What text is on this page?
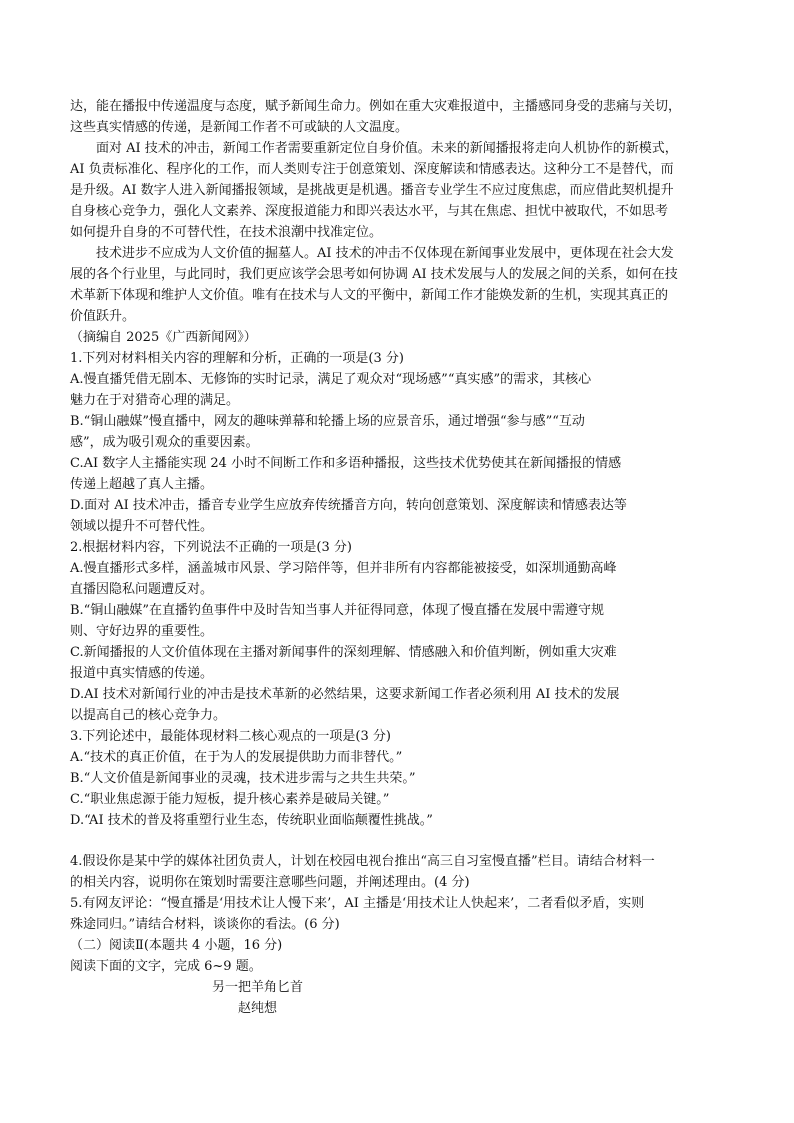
达，能在播报中传递温度与态度，赋予新闻生命力。例如在重大灾难报道中，主播感同身受的悲痛与关切，
这些真实情感的传递，是新闻工作者不可或缺的人文温度。
面对 AI 技术的冲击，新闻工作者需要重新定位自身价值。未来的新闻播报将走向人机协作的新模式，
AI 负责标准化、程序化的工作，而人类则专注于创意策划、深度解读和情感表达。这种分工不是替代，而
是升级。AI 数字人进入新闻播报领域，是挑战更是机遇。播音专业学生不应过度焦虑，而应借此契机提升
自身核心竞争力，强化人文素养、深度报道能力和即兴表达水平，与其在焦虑、担忧中被取代，不如思考
如何提升自身的不可替代性，在技术浪潮中找准定位。
技术进步不应成为人文价值的掘墓人。AI 技术的冲击不仅体现在新闻事业发展中，更体现在社会大发
展的各个行业里，与此同时，我们更应该学会思考如何协调 AI 技术发展与人的发展之间的关系，如何在技
术革新下体现和维护人文价值。唯有在技术与人文的平衡中，新闻工作才能焕发新的生机，实现其真正的
价值跃升。
（摘编自 2025《广西新闻网》）
1.下列对材料相关内容的理解和分析，正确的一项是(3 分)
A.慢直播凭借无剧本、无修饰的实时记录，满足了观众对“现场感”“真实感”的需求，其核心
魅力在于对猎奇心理的满足。
B.“铜山融媒”慢直播中，网友的趣味弹幕和轮播上场的应景音乐，通过增强“参与感”“互动
感”，成为吸引观众的重要因素。
C.AI 数字人主播能实现 24 小时不间断工作和多语种播报，这些技术优势使其在新闻播报的情感
传递上超越了真人主播。
D.面对 AI 技术冲击，播音专业学生应放弃传统播音方向，转向创意策划、深度解读和情感表达等
领域以提升不可替代性。
2.根据材料内容，下列说法不正确的一项是(3 分)
A.慢直播形式多样，涵盖城市风景、学习陪伴等，但并非所有内容都能被接受，如深圳通勤高峰
直播因隐私问题遭反对。
B.“铜山融媒”在直播钓鱼事件中及时告知当事人并征得同意，体现了慢直播在发展中需遵守规
则、守好边界的重要性。
C.新闻播报的人文价值体现在主播对新闻事件的深刻理解、情感融入和价值判断，例如重大灾难
报道中真实情感的传递。
D.AI 技术对新闻行业的冲击是技术革新的必然结果，这要求新闻工作者必须利用 AI 技术的发展
以提高自己的核心竞争力。
3.下列论述中，最能体现材料二核心观点的一项是(3 分)
A.“技术的真正价值，在于为人的发展提供助力而非替代。”
B.“人文价值是新闻事业的灵魂，技术进步需与之共生共荣。”
C.“职业焦虑源于能力短板，提升核心素养是破局关键。”
D.“AI 技术的普及将重塑行业生态，传统职业面临颠覆性挑战。”
4.假设你是某中学的媒体社团负责人，计划在校园电视台推出“高三自习室慢直播”栏目。请结合材料一
的相关内容，说明你在策划时需要注意哪些问题，并阐述理由。(4 分)
5.有网友评论：“慢直播是‘用技术让人慢下来’，AI 主播是‘用技术让人快起来’，二者看似矛盾，实则
殊途同归。”请结合材料，谈谈你的看法。(6 分)
（二）阅读Ⅱ(本题共 4 小题，16 分)
阅读下面的文字，完成 6~9 题。
另一把羊角匕首
赵纯想
